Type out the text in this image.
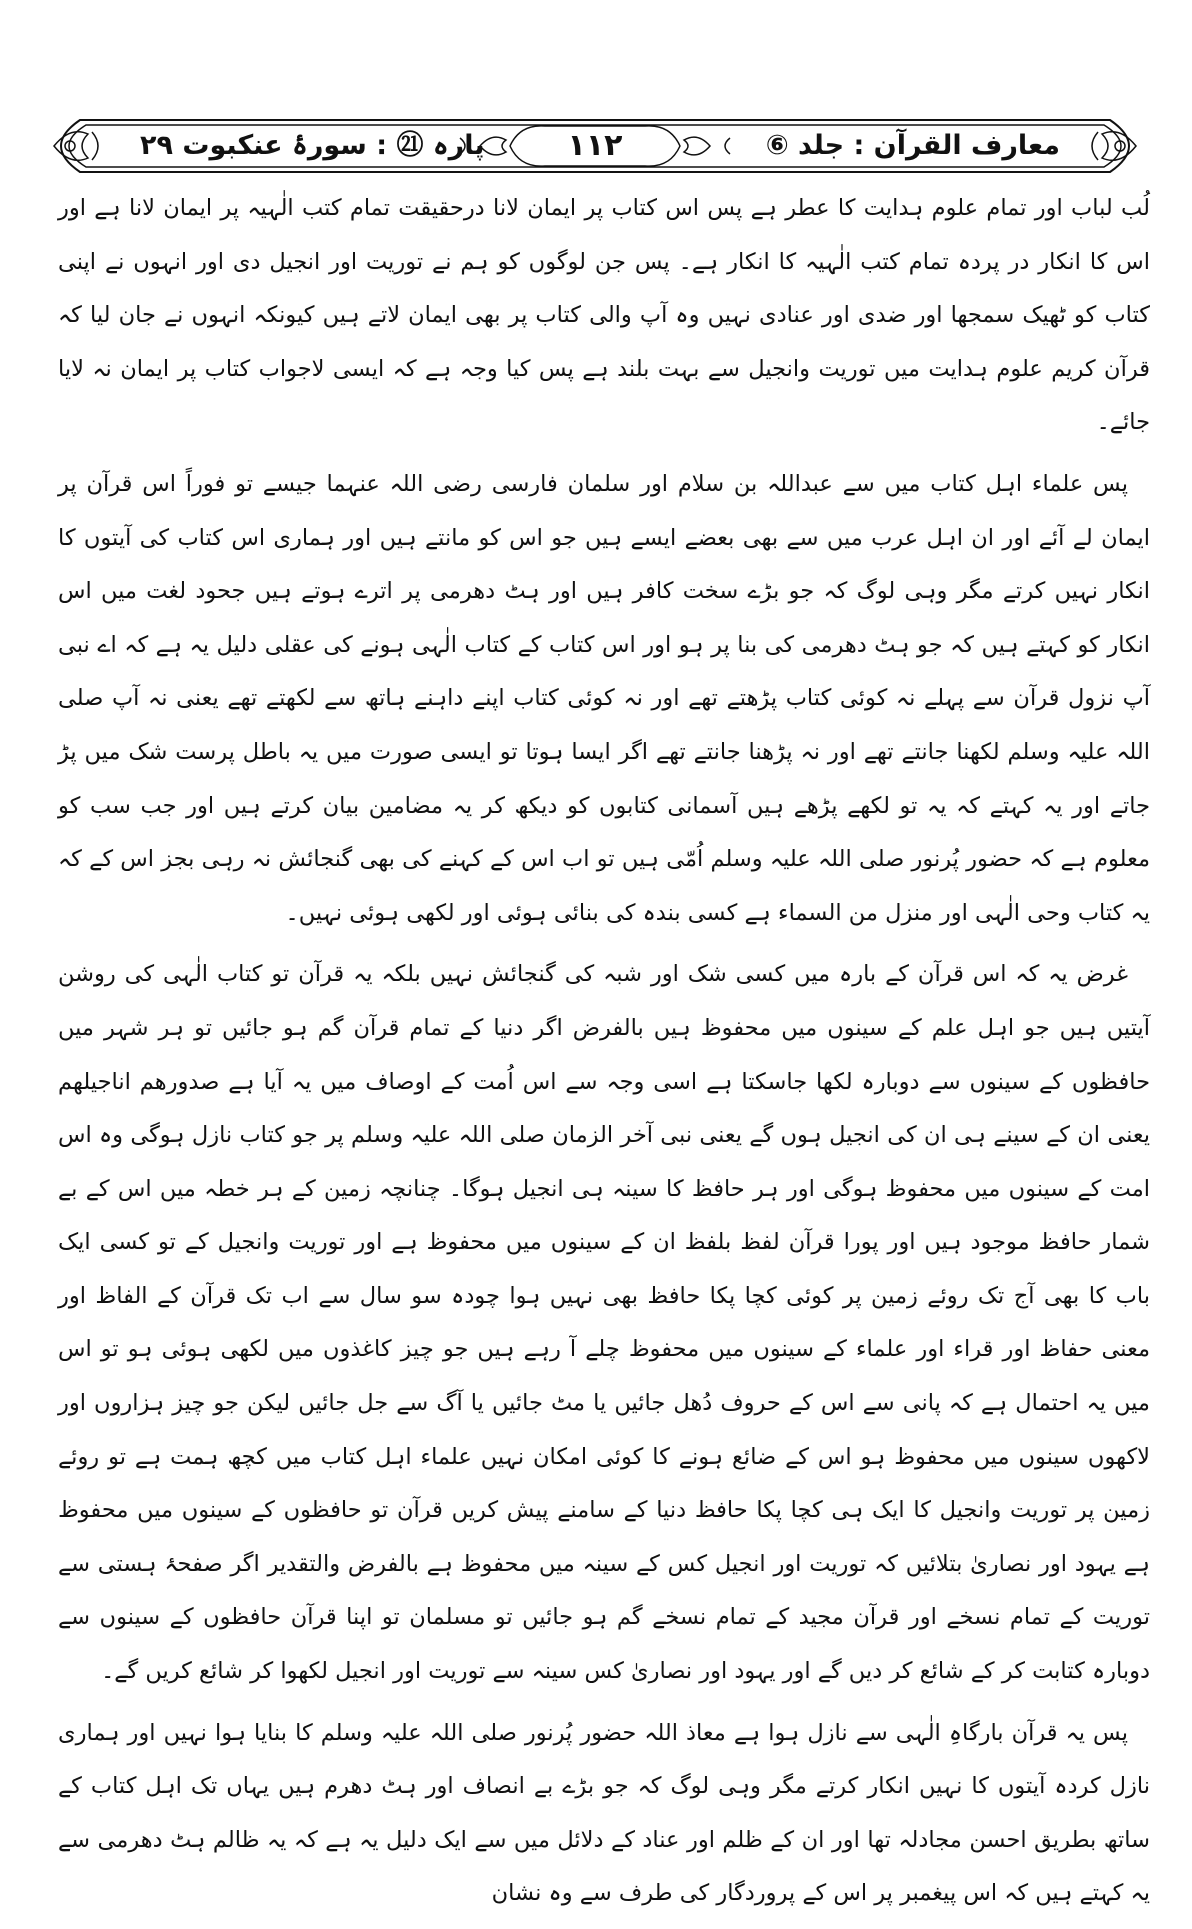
معارف القرآن : جلد ⑥
۱۱۲
پارہ ㉑ : سورۂ عنکبوت ۲۹

لُب لباب اور تمام علوم ہدایت کا عطر ہے پس اس کتاب پر ایمان لانا درحقیقت تمام کتب الٰہیہ پر ایمان لانا ہے اور اس کا انکار در پردہ تمام کتب الٰہیہ کا انکار ہے۔ پس جن لوگوں کو ہم نے توریت اور انجیل دی اور انہوں نے اپنی کتاب کو ٹھیک سمجھا اور ضدی اور عنادی نہیں وہ آپ والی کتاب پر بھی ایمان لاتے ہیں کیونکہ انہوں نے جان لیا کہ قرآن کریم علوم ہدایت میں توریت وانجیل سے بہت بلند ہے پس کیا وجہ ہے کہ ایسی لاجواب کتاب پر ایمان نہ لایا جائے۔

پس علماء اہل کتاب میں سے عبداللہ بن سلام اور سلمان فارسی رضی اللہ عنہما جیسے تو فوراً اس قرآن پر ایمان لے آئے اور ان اہل عرب میں سے بھی بعضے ایسے ہیں جو اس کو مانتے ہیں اور ہماری اس کتاب کی آیتوں کا انکار نہیں کرتے مگر وہی لوگ کہ جو بڑے سخت کافر ہیں اور ہٹ دھرمی پر اترے ہوتے ہیں جحود لغت میں اس انکار کو کہتے ہیں کہ جو ہٹ دھرمی کی بنا پر ہو اور اس کتاب کے کتاب الٰہی ہونے کی عقلی دلیل یہ ہے کہ اے نبی آپ نزول قرآن سے پہلے نہ کوئی کتاب پڑھتے تھے اور نہ کوئی کتاب اپنے داہنے ہاتھ سے لکھتے تھے یعنی نہ آپ صلی اللہ علیہ وسلم لکھنا جانتے تھے اور نہ پڑھنا جانتے تھے اگر ایسا ہوتا تو ایسی صورت میں یہ باطل پرست شک میں پڑ جاتے اور یہ کہتے کہ یہ تو لکھے پڑھے ہیں آسمانی کتابوں کو دیکھ کر یہ مضامین بیان کرتے ہیں اور جب سب کو معلوم ہے کہ حضور پُرنور صلی اللہ علیہ وسلم اُمّی ہیں تو اب اس کے کہنے کی بھی گنجائش نہ رہی بجز اس کے کہ یہ کتاب وحی الٰہی اور منزل من السماء ہے کسی بندہ کی بنائی ہوئی اور لکھی ہوئی نہیں۔

غرض یہ کہ اس قرآن کے بارہ میں کسی شک اور شبہ کی گنجائش نہیں بلکہ یہ قرآن تو کتاب الٰہی کی روشن آیتیں ہیں جو اہل علم کے سینوں میں محفوظ ہیں بالفرض اگر دنیا کے تمام قرآن گم ہو جائیں تو ہر شہر میں حافظوں کے سینوں سے دوبارہ لکھا جاسکتا ہے اسی وجہ سے اس اُمت کے اوصاف میں یہ آیا ہے صدورھم اناجیلھم یعنی ان کے سینے ہی ان کی انجیل ہوں گے یعنی نبی آخر الزمان صلی اللہ علیہ وسلم پر جو کتاب نازل ہوگی وہ اس امت کے سینوں میں محفوظ ہوگی اور ہر حافظ کا سینہ ہی انجیل ہوگا۔ چنانچہ زمین کے ہر خطہ میں اس کے بے شمار حافظ موجود ہیں اور پورا قرآن لفظ بلفظ ان کے سینوں میں محفوظ ہے اور توریت وانجیل کے تو کسی ایک باب کا بھی آج تک روئے زمین پر کوئی کچا پکا حافظ بھی نہیں ہوا چودہ سو سال سے اب تک قرآن کے الفاظ اور معنی حفاظ اور قراء اور علماء کے سینوں میں محفوظ چلے آ رہے ہیں جو چیز کاغذوں میں لکھی ہوئی ہو تو اس میں یہ احتمال ہے کہ پانی سے اس کے حروف دُھل جائیں یا مٹ جائیں یا آگ سے جل جائیں لیکن جو چیز ہزاروں اور لاکھوں سینوں میں محفوظ ہو اس کے ضائع ہونے کا کوئی امکان نہیں علماء اہل کتاب میں کچھ ہمت ہے تو روئے زمین پر توریت وانجیل کا ایک ہی کچا پکا حافظ دنیا کے سامنے پیش کریں قرآن تو حافظوں کے سینوں میں محفوظ ہے یہود اور نصاریٰ بتلائیں کہ توریت اور انجیل کس کے سینہ میں محفوظ ہے بالفرض والتقدیر اگر صفحۂ ہستی سے توریت کے تمام نسخے اور قرآن مجید کے تمام نسخے گم ہو جائیں تو مسلمان تو اپنا قرآن حافظوں کے سینوں سے دوبارہ کتابت کر کے شائع کر دیں گے اور یہود اور نصاریٰ کس سینہ سے توریت اور انجیل لکھوا کر شائع کریں گے۔

پس یہ قرآن بارگاہِ الٰہی سے نازل ہوا ہے معاذ اللہ حضور پُرنور صلی اللہ علیہ وسلم کا بنایا ہوا نہیں اور ہماری نازل کردہ آیتوں کا نہیں انکار کرتے مگر وہی لوگ کہ جو بڑے بے انصاف اور ہٹ دھرم ہیں یہاں تک اہل کتاب کے ساتھ بطریق احسن مجادلہ تھا اور ان کے ظلم اور عناد کے دلائل میں سے ایک دلیل یہ ہے کہ یہ ظالم ہٹ دھرمی سے یہ کہتے ہیں کہ اس پیغمبر پر اس کے پروردگار کی طرف سے وہ نشان
